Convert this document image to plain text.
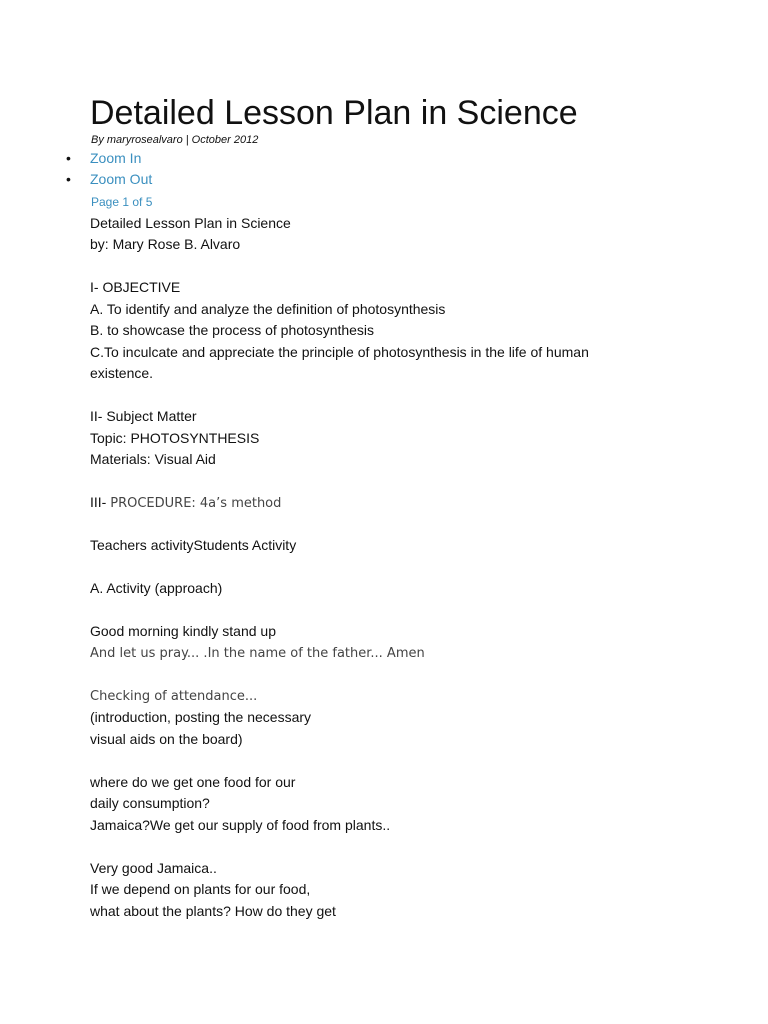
Detailed Lesson Plan in Science
By maryrosealvaro | October 2012
• Zoom In
• Zoom Out
Page 1 of 5
Detailed Lesson Plan in Science
by: Mary Rose B. Alvaro
I- OBJECTIVE
A. To identify and analyze the definition of photosynthesis
B. to showcase the process of photosynthesis
C.To inculcate and appreciate the principle of photosynthesis in the life of human
existence.
II- Subject Matter
Topic: PHOTOSYNTHESIS
Materials: Visual Aid
III- PROCEDURE: 4a’s method
Teachers activityStudents Activity
A. Activity (approach)
Good morning kindly stand up
And let us pray... .In the name of the father... Amen
Checking of attendance...
(introduction, posting the necessary
visual aids on the board)
where do we get one food for our
daily consumption?
Jamaica?We get our supply of food from plants..
Very good Jamaica..
If we depend on plants for our food,
what about the plants? How do they get
